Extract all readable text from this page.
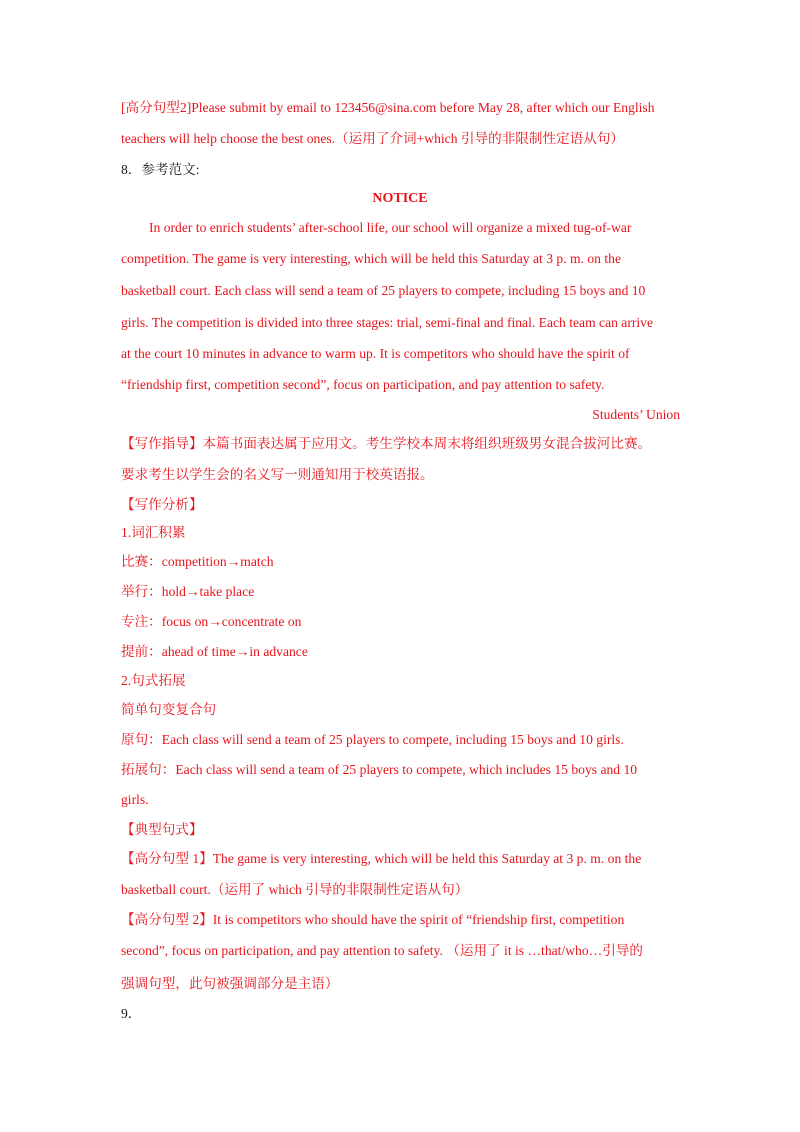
[高分句型2]Please submit by email to 123456@sina.com before May 28, after which our English
teachers will help choose the best ones.（运用了介词+which 引导的非限制性定语从句）
8．参考范文:
NOTICE
In order to enrich students’ after-school life, our school will organize a mixed tug-of-war
competition. The game is very interesting, which will be held this Saturday at 3 p. m. on the
basketball court. Each class will send a team of 25 players to compete, including 15 boys and 10
girls. The competition is divided into three stages: trial, semi-final and final. Each team can arrive
at the court 10 minutes in advance to warm up. It is competitors who should have the spirit of
“friendship first, competition second”, focus on participation, and pay attention to safety.
Students’ Union
【写作指导】本篇书面表达属于应用文。考生学校本周末将组织班级男女混合拔河比赛。
要求考生以学生会的名义写一则通知用于校英语报。
【写作分析】
1.词汇积累
比赛：competition→match
举行：hold→take place
专注：focus on→concentrate on
提前：ahead of time→in advance
2.句式拓展
简单句变复合句
原句：Each class will send a team of 25 players to compete, including 15 boys and 10 girls.
拓展句：Each class will send a team of 25 players to compete, which includes 15 boys and 10
girls.
【典型句式】
【高分句型 1】The game is very interesting, which will be held this Saturday at 3 p. m. on the
basketball court.（运用了 which 引导的非限制性定语从句）
【高分句型 2】It is competitors who should have the spirit of “friendship first, competition
second”, focus on participation, and pay attention to safety. （运用了 it is …that/who…引导的
强调句型，此句被强调部分是主语）
9．
